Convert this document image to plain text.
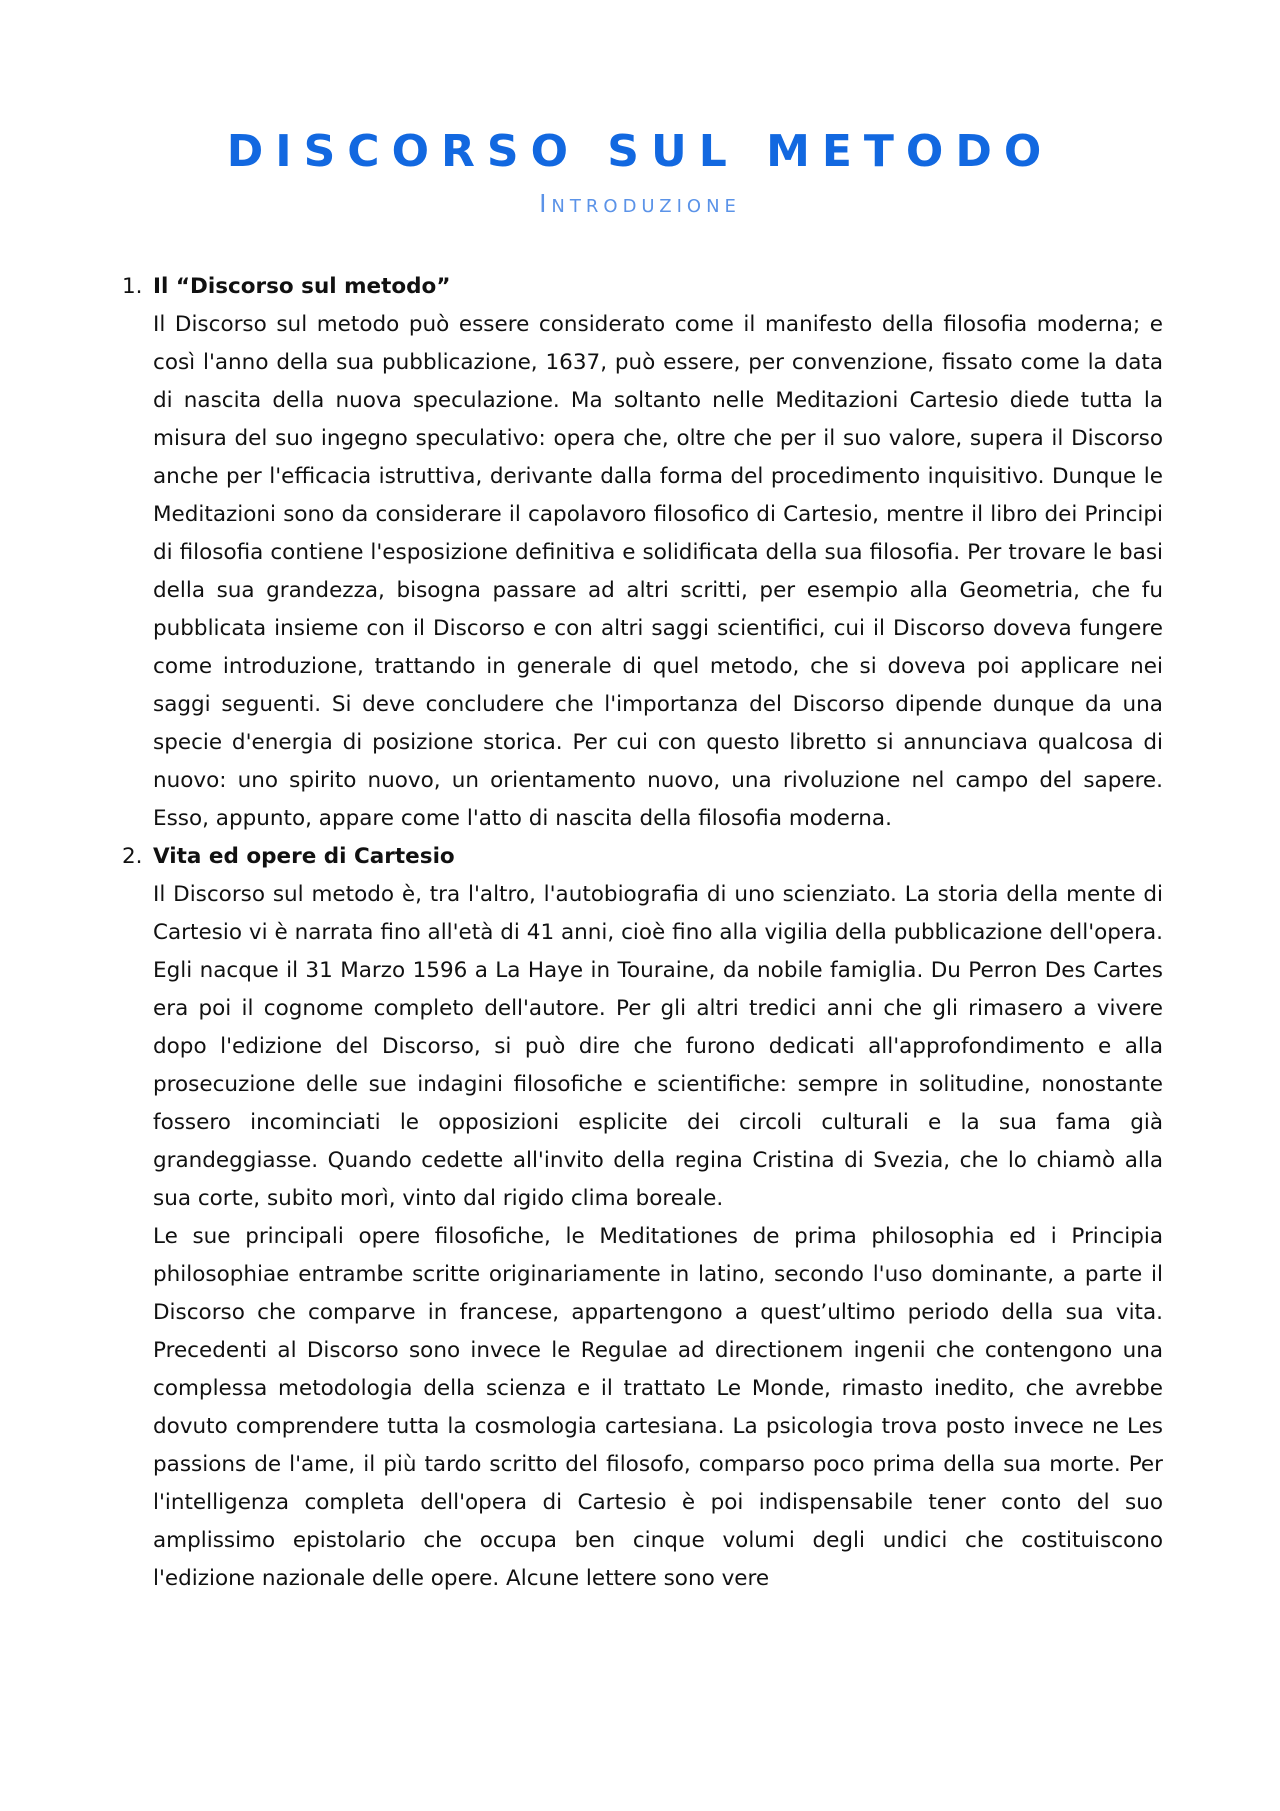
DISCORSO SUL METODO
Introduzione
1. Il “Discorso sul metodo”
Il Discorso sul metodo può essere considerato come il manifesto della filosofia moderna; e così l'anno della sua pubblicazione, 1637, può essere, per convenzione, fissato come la data di nascita della nuova speculazione. Ma soltanto nelle Meditazioni Cartesio diede tutta la misura del suo ingegno speculativo: opera che, oltre che per il suo valore, supera il Discorso anche per l'efficacia istruttiva, derivante dalla forma del procedimento inquisitivo. Dunque le Meditazioni sono da considerare il capolavoro filosofico di Cartesio, mentre il libro dei Principi di filosofia contiene l'esposizione definitiva e solidificata della sua filosofia. Per trovare le basi della sua grandezza, bisogna passare ad altri scritti, per esempio alla Geometria, che fu pubblicata insieme con il Discorso e con altri saggi scientifici, cui il Discorso doveva fungere come introduzione, trattando in generale di quel metodo, che si doveva poi applicare nei saggi seguenti. Si deve concludere che l'importanza del Discorso dipende dunque da una specie d'energia di posizione storica. Per cui con questo libretto si annunciava qualcosa di nuovo: uno spirito nuovo, un orientamento nuovo, una rivoluzione nel campo del sapere. Esso, appunto, appare come l'atto di nascita della filosofia moderna.
2. Vita ed opere di Cartesio
Il Discorso sul metodo è, tra l'altro, l'autobiografia di uno scienziato. La storia della mente di Cartesio vi è narrata fino all'età di 41 anni, cioè fino alla vigilia della pubblicazione dell'opera. Egli nacque il 31 Marzo 1596 a La Haye in Touraine, da nobile famiglia. Du Perron Des Cartes era poi il cognome completo dell'autore. Per gli altri tredici anni che gli rimasero a vivere dopo l'edizione del Discorso, si può dire che furono dedicati all'approfondimento e alla prosecuzione delle sue indagini filosofiche e scientifiche: sempre in solitudine, nonostante fossero incominciati le opposizioni esplicite dei circoli culturali e la sua fama già grandeggiasse. Quando cedette all'invito della regina Cristina di Svezia, che lo chiamò alla sua corte, subito morì, vinto dal rigido clima boreale.
Le sue principali opere filosofiche, le Meditationes de prima philosophia ed i Principia philosophiae entrambe scritte originariamente in latino, secondo l'uso dominante, a parte il Discorso che comparve in francese, appartengono a quest’ultimo periodo della sua vita. Precedenti al Discorso sono invece le Regulae ad directionem ingenii che contengono una complessa metodologia della scienza e il trattato Le Monde, rimasto inedito, che avrebbe dovuto comprendere tutta la cosmologia cartesiana. La psicologia trova posto invece ne Les passions de l'ame, il più tardo scritto del filosofo, comparso poco prima della sua morte. Per l'intelligenza completa dell'opera di Cartesio è poi indispensabile tener conto del suo amplissimo epistolario che occupa ben cinque volumi degli undici che costituiscono l'edizione nazionale delle opere. Alcune lettere sono vere
